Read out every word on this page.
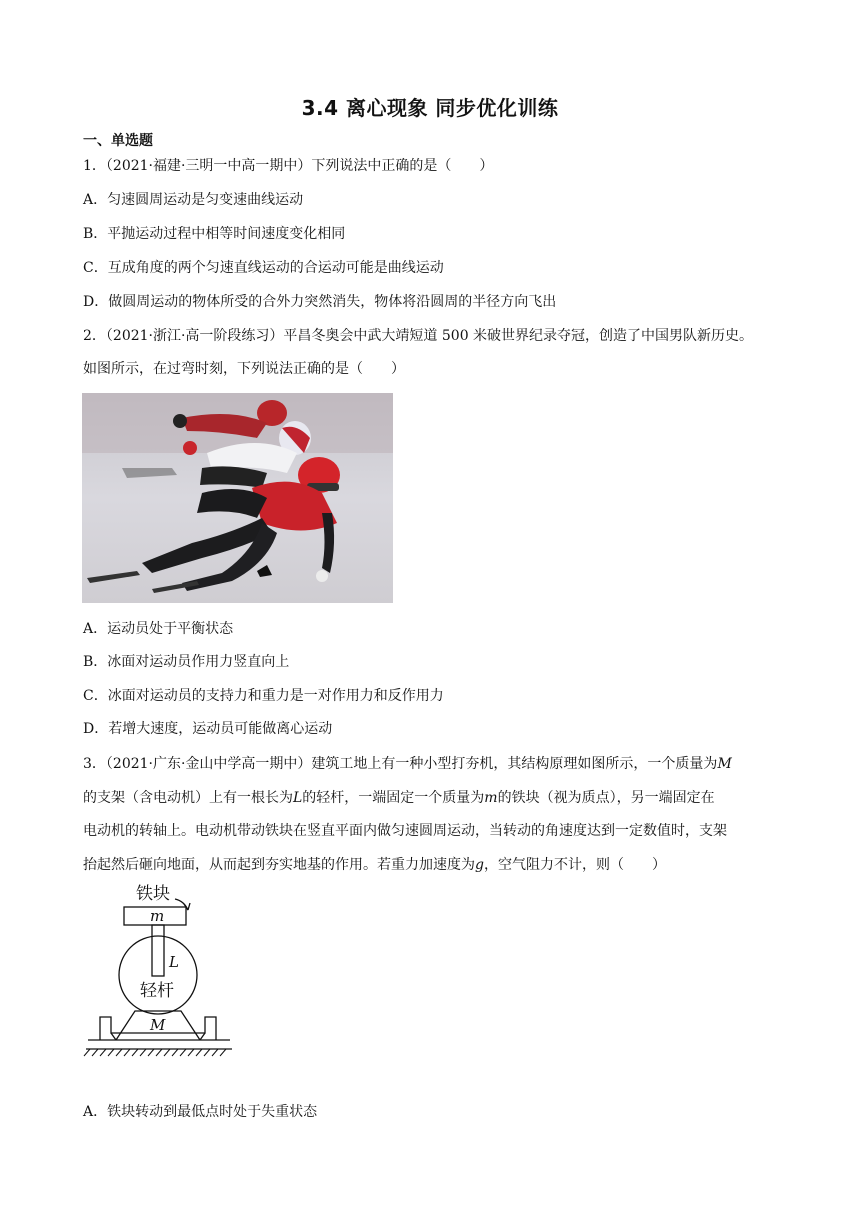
3.4 离心现象 同步优化训练
一、单选题
1．（2021·福建·三明一中高一期中）下列说法中正确的是（　　）
A．匀速圆周运动是匀变速曲线运动
B．平抛运动过程中相等时间速度变化相同
C．互成角度的两个匀速直线运动的合运动可能是曲线运动
D．做圆周运动的物体所受的合外力突然消失，物体将沿圆周的半径方向飞出
2．（2021·浙江·高一阶段练习）平昌冬奥会中武大靖短道 500 米破世界纪录夺冠，创造了中国男队新历史。
如图所示，在过弯时刻，下列说法正确的是（　　）
A．运动员处于平衡状态
B．冰面对运动员作用力竖直向上
C．冰面对运动员的支持力和重力是一对作用力和反作用力
D．若增大速度，运动员可能做离心运动
3．（2021·广东·金山中学高一期中）建筑工地上有一种小型打夯机，其结构原理如图所示，一个质量为M
的支架（含电动机）上有一根长为L的轻杆，一端固定一个质量为m的铁块（视为质点），另一端固定在
电动机的转轴上。电动机带动铁块在竖直平面内做匀速圆周运动，当转动的角速度达到一定数值时，支架
抬起然后砸向地面，从而起到夯实地基的作用。若重力加速度为g，空气阻力不计，则（　　）
铁块
m
L
轻杆
M
A．铁块转动到最低点时处于失重状态
